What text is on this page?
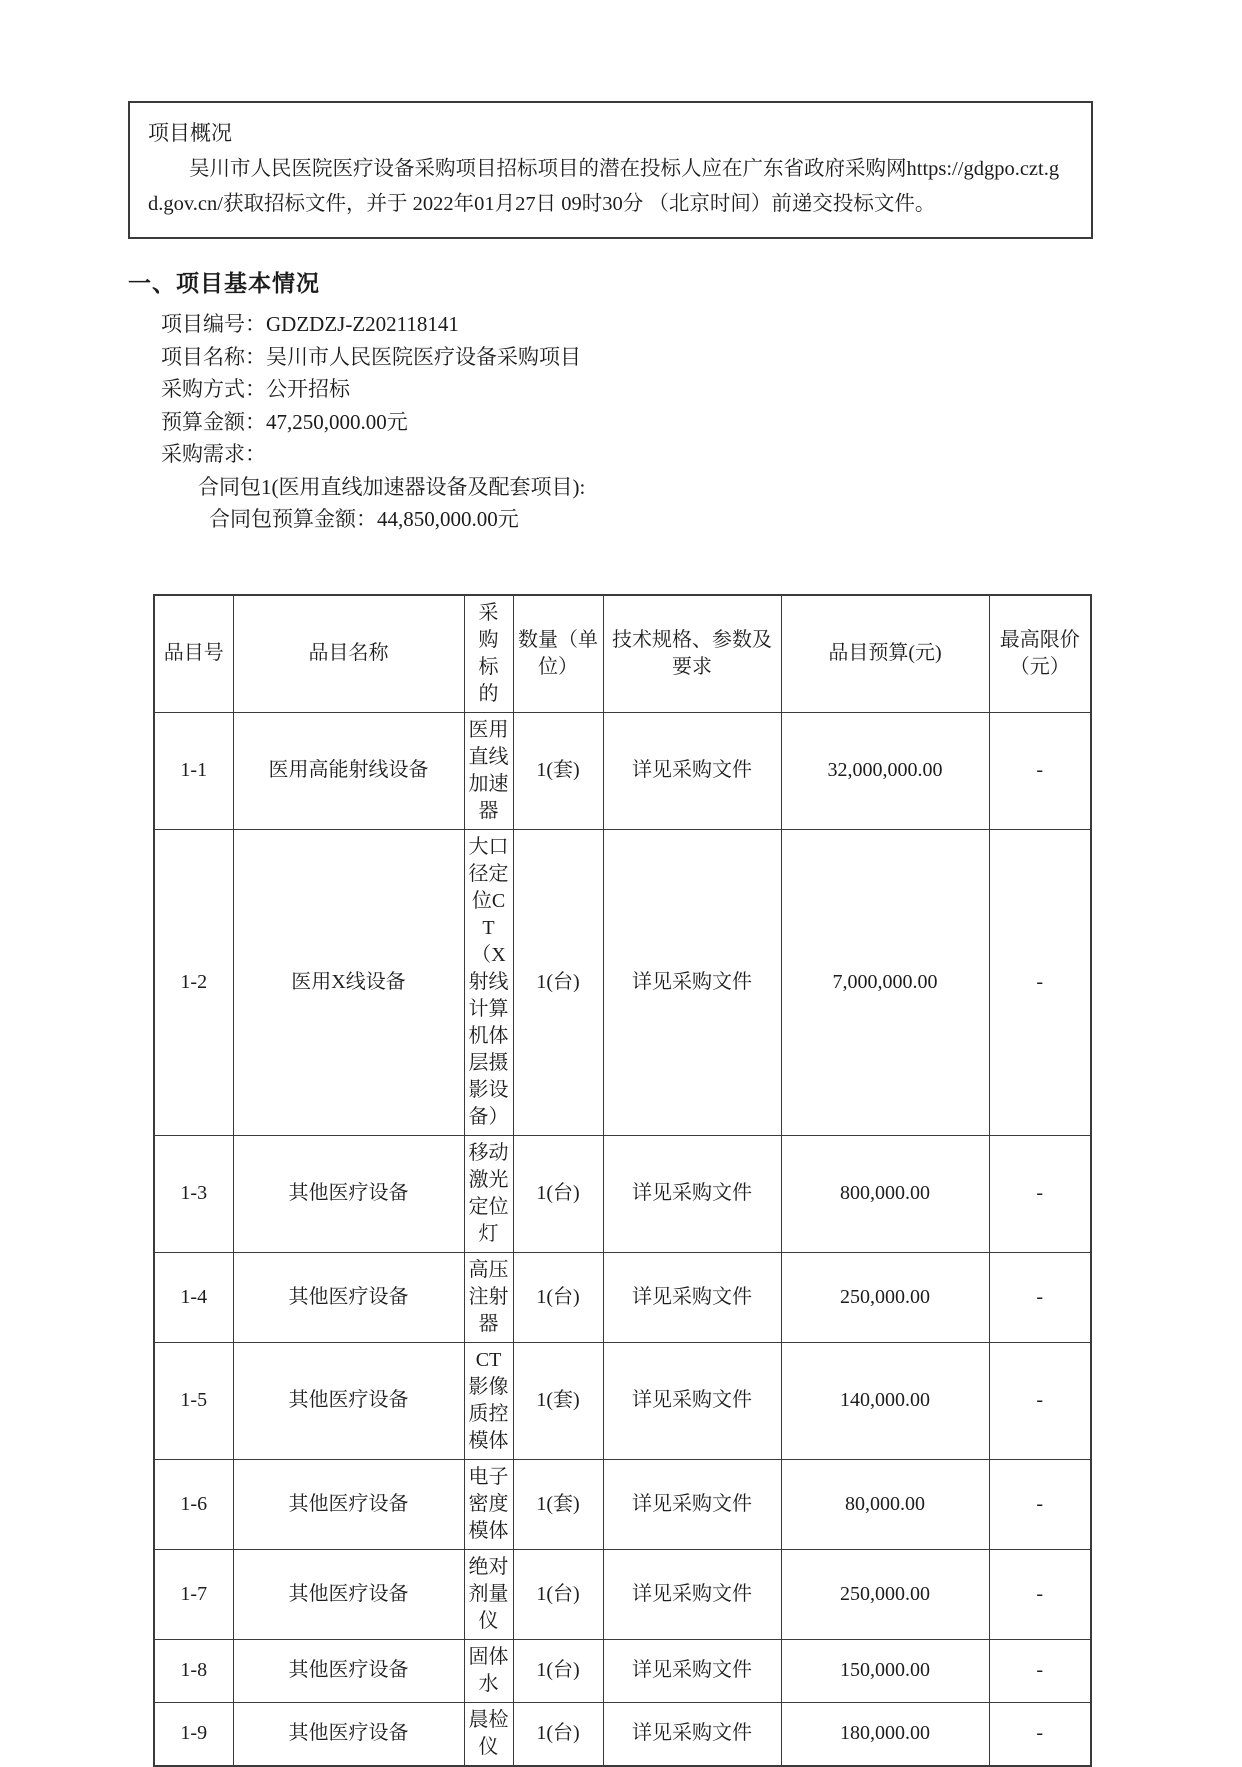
项目概况
吴川市人民医院医疗设备采购项目招标项目的潜在投标人应在广东省政府采购网https://gdgpo.czt.gd.gov.cn/获取招标文件，并于 2022年01月27日 09时30分 （北京时间）前递交投标文件。
一、项目基本情况
项目编号：GDZDZJ-Z202118141
项目名称：吴川市人民医院医疗设备采购项目
采购方式：公开招标
预算金额：47,250,000.00元
采购需求：
合同包1(医用直线加速器设备及配套项目):
合同包预算金额：44,850,000.00元
品目号	品目名称	采购标的	数量（单位）	技术规格、参数及要求	品目预算(元)	最高限价（元）
1-1	医用高能射线设备	医用直线加速器	1(套)	详见采购文件	32,000,000.00	-
1-2	医用X线设备	大口径定位CT（X射线计算机体层摄影设备）	1(台)	详见采购文件	7,000,000.00	-
1-3	其他医疗设备	移动激光定位灯	1(台)	详见采购文件	800,000.00	-
1-4	其他医疗设备	高压注射器	1(台)	详见采购文件	250,000.00	-
1-5	其他医疗设备	CT影像质控模体	1(套)	详见采购文件	140,000.00	-
1-6	其他医疗设备	电子密度模体	1(套)	详见采购文件	80,000.00	-
1-7	其他医疗设备	绝对剂量仪	1(台)	详见采购文件	250,000.00	-
1-8	其他医疗设备	固体水	1(台)	详见采购文件	150,000.00	-
1-9	其他医疗设备	晨检仪	1(台)	详见采购文件	180,000.00	-
